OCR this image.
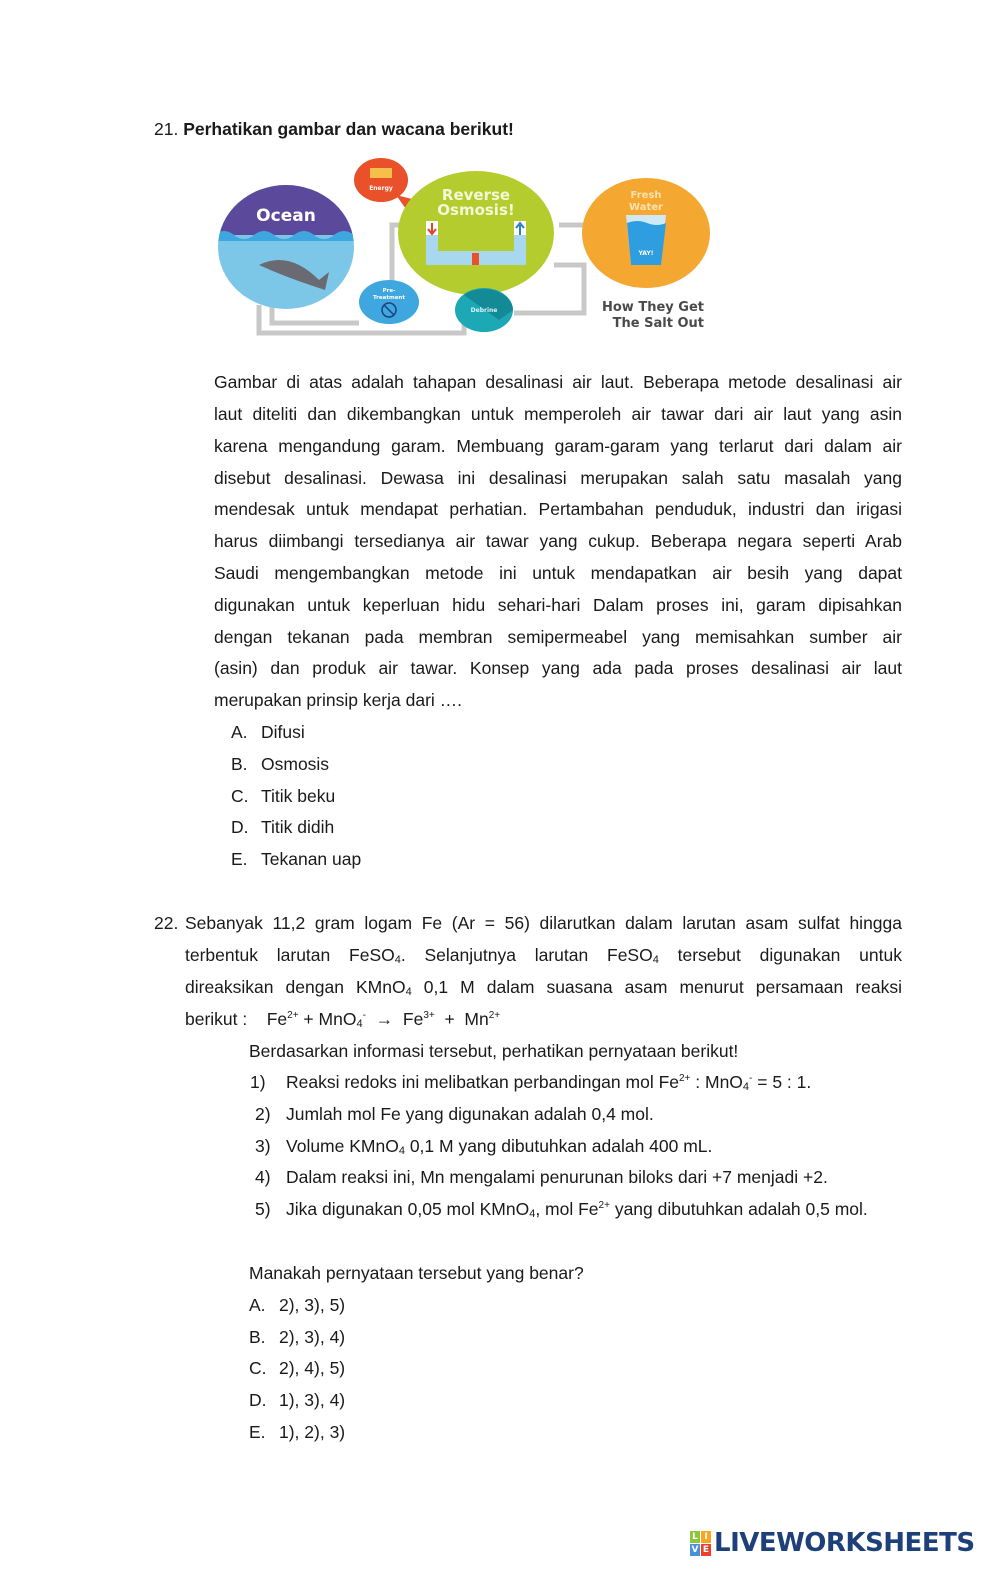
21. Perhatikan gambar dan wacana berikut!
Ocean
Energy	Reverse
Osmosis!
Fresh
Water
YAY!
Pre-
Treatment
Debrine	How They Get
The Salt Out
Gambar di atas adalah tahapan desalinasi air laut. Beberapa metode desalinasi air
laut diteliti dan dikembangkan untuk memperoleh air tawar dari air laut yang asin
karena mengandung garam. Membuang garam-garam yang terlarut dari dalam air
disebut desalinasi. Dewasa ini desalinasi merupakan salah satu masalah yang
mendesak untuk mendapat perhatian. Pertambahan penduduk, industri dan irigasi
harus diimbangi tersedianya air tawar yang cukup. Beberapa negara seperti Arab
Saudi mengembangkan metode ini untuk mendapatkan air besih yang dapat
digunakan untuk keperluan hidu sehari-hari Dalam proses ini, garam dipisahkan
dengan tekanan pada membran semipermeabel yang memisahkan sumber air
(asin) dan produk air tawar. Konsep yang ada pada proses desalinasi air laut
merupakan prinsip kerja dari ….
A. Difusi
B. Osmosis
C. Titik beku
D. Titik didih
E. Tekanan uap
22. Sebanyak 11,2 gram logam Fe (Ar = 56) dilarutkan dalam larutan asam sulfat hingga
terbentuk larutan FeSO$_4$. Selanjutnya larutan FeSO$_4$ tersebut digunakan untuk
direaksikan dengan KMnO$_4$ 0,1 M dalam suasana asam menurut persamaan reaksi
berikut : $Fe^{2+} + MnO_4^- \to Fe^{3+} + Mn^{2+}$
Berdasarkan informasi tersebut, perhatikan pernyataan berikut!
1) Reaksi redoks ini melibatkan perbandingan mol $Fe^{2+}$ : MnO$_4$- = 5 : 1.
2) Jumlah mol Fe yang digunakan adalah 0,4 mol.
3) Volume KMnO$_4$ 0,1 M yang dibutuhkan adalah 400 mL.
4) Dalam reaksi ini, Mn mengalami penurunan biloks dari +7 menjadi +2.
5) Jika digunakan 0,05 mol KMnO$_4$, mol $Fe^{2+}$ yang dibutuhkan adalah 0,5 mol.
Manakah pernyataan tersebut yang benar?
A. 2), 3), 5)
B. 2), 3), 4)
C. 2), 4), 5)
D. 1), 3), 4)
E. 1), 2), 3)
L I
V E LIVEWORKSHEETS
